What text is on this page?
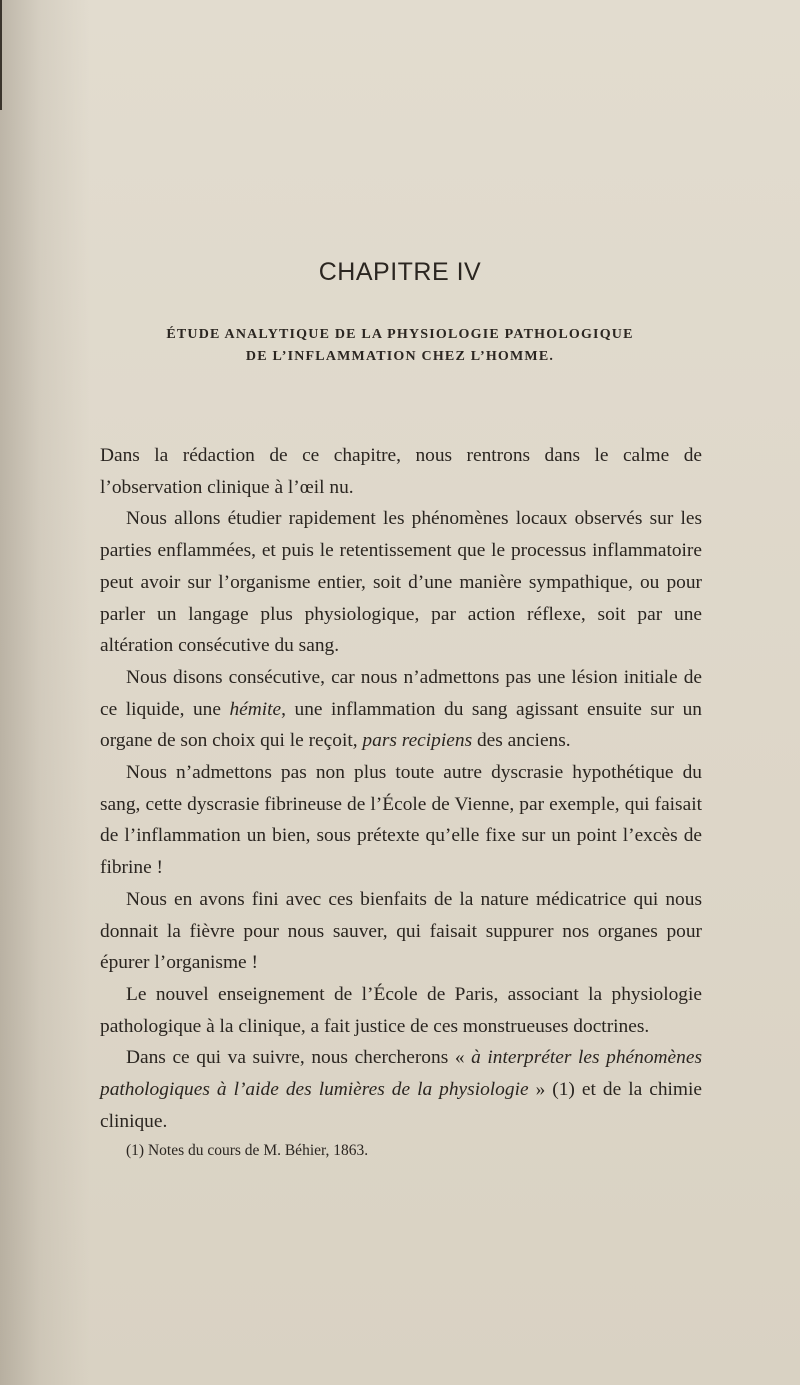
CHAPITRE IV
ÉTUDE ANALYTIQUE DE LA PHYSIOLOGIE PATHOLOGIQUE
DE L’INFLAMMATION CHEZ L’HOMME.

Dans la rédaction de ce chapitre, nous rentrons dans le calme de l’observation clinique à l’œil nu.

Nous allons étudier rapidement les phénomènes locaux observés sur les parties enflammées, et puis le retentissement que le processus inflammatoire peut avoir sur l’organisme entier, soit d’une manière sympathique, ou pour parler un langage plus physiologique, par action réflexe, soit par une altération consécutive du sang.

Nous disons consécutive, car nous n’admettons pas une lésion initiale de ce liquide, une hémite, une inflammation du sang agissant ensuite sur un organe de son choix qui le reçoit, pars recipiens des anciens.

Nous n’admettons pas non plus toute autre dyscrasie hypothétique du sang, cette dyscrasie fibrineuse de l’École de Vienne, par exemple, qui faisait de l’inflammation un bien, sous prétexte qu’elle fixe sur un point l’excès de fibrine !

Nous en avons fini avec ces bienfaits de la nature médicatrice qui nous donnait la fièvre pour nous sauver, qui faisait suppurer nos organes pour épurer l’organisme !

Le nouvel enseignement de l’École de Paris, associant la physiologie pathologique à la clinique, a fait justice de ces monstrueuses doctrines.

Dans ce qui va suivre, nous chercherons « à interpréter les phénomènes pathologiques à l’aide des lumières de la physiologie » (1) et de la chimie clinique.

(1) Notes du cours de M. Béhier, 1863.
